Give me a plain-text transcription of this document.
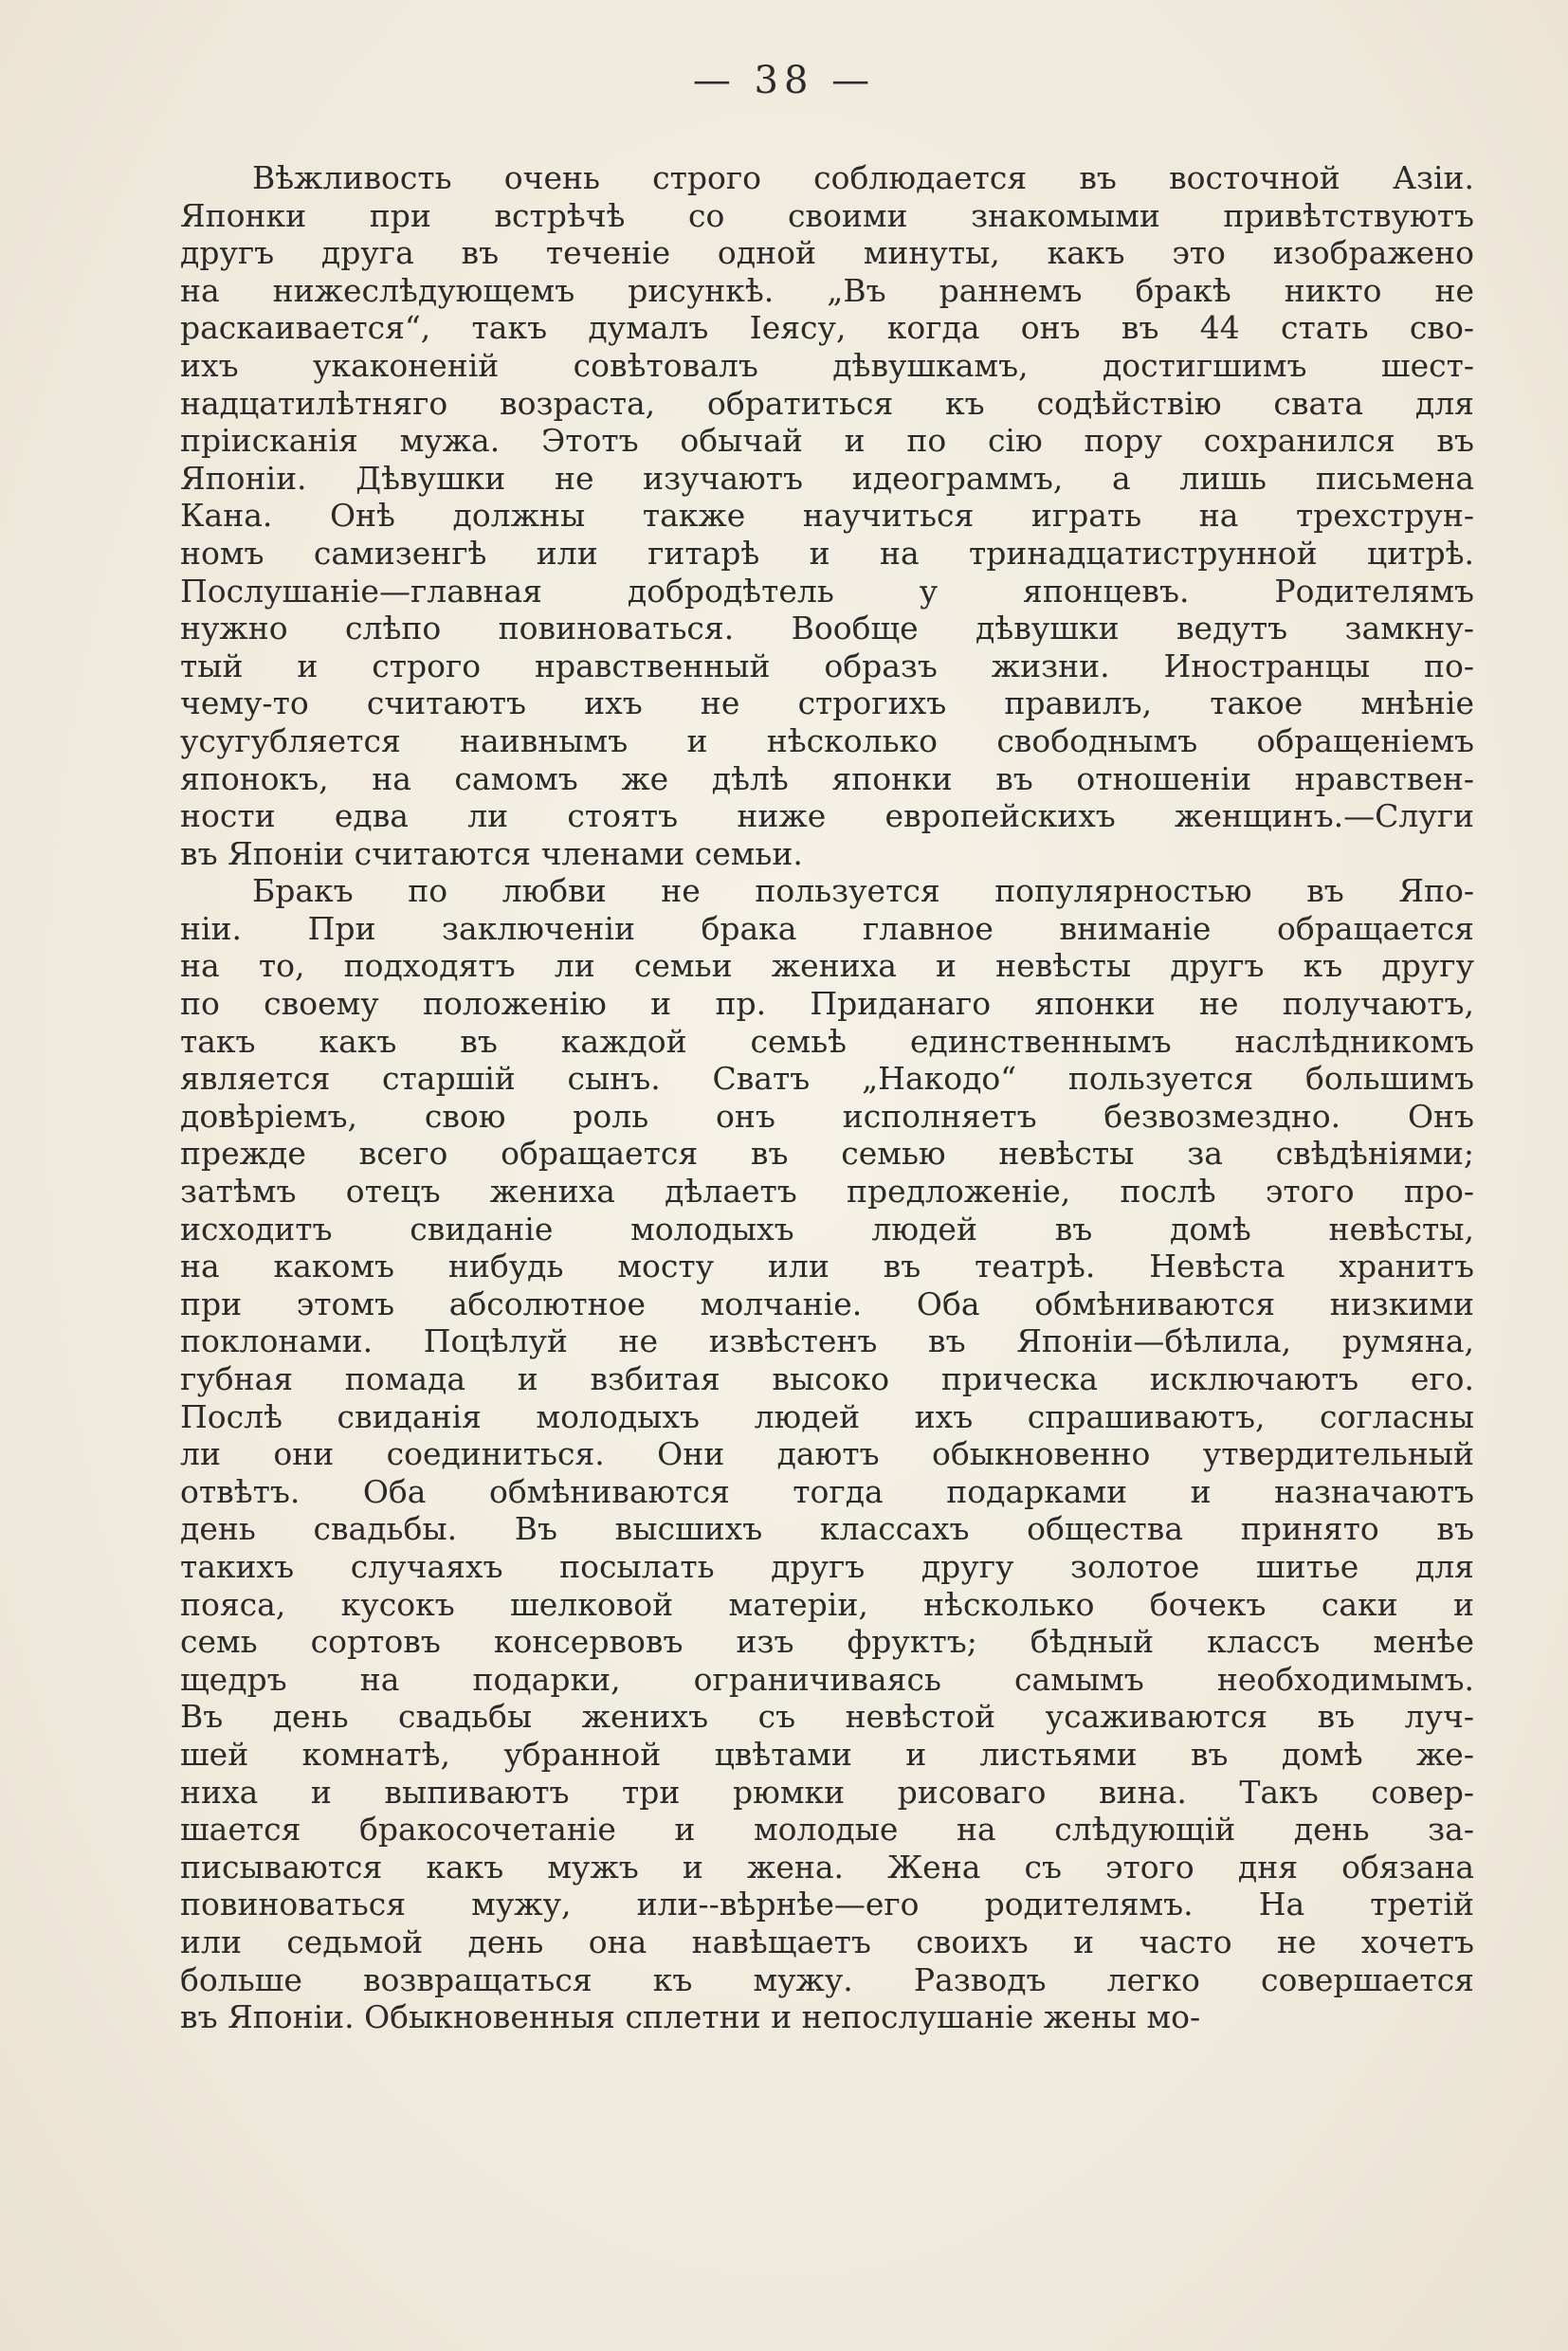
— 38 —
Вѣжливость очень строго соблюдается въ восточной Азіи.
Японки при встрѣчѣ со своими знакомыми привѣтствуютъ
другъ друга въ теченіе одной минуты, какъ это изображено
на нижеслѣдующемъ рисункѣ. „Въ раннемъ бракѣ никто не
раскаивается“, такъ думалъ Іеясу, когда онъ въ 44 стать сво-
ихъ укаконеній совѣтовалъ дѣвушкамъ, достигшимъ шест-
надцатилѣтняго возраста, обратиться къ содѣйствію свата для
пріисканія мужа. Этотъ обычай и по сію пору сохранился въ
Японіи. Дѣвушки не изучаютъ идеограммъ, а лишь письмена
Кана. Онѣ должны также научиться играть на трехструн-
номъ самизенгѣ или гитарѣ и на тринадцатиструнной цитрѣ.
Послушаніе—главная добродѣтель у японцевъ. Родителямъ
нужно слѣпо повиноваться. Вообще дѣвушки ведутъ замкну-
тый и строго нравственный образъ жизни. Иностранцы по-
чему-то считаютъ ихъ не строгихъ правилъ, такое мнѣніе
усугубляется наивнымъ и нѣсколько свободнымъ обращеніемъ
японокъ, на самомъ же дѣлѣ японки въ отношеніи нравствен-
ности едва ли стоятъ ниже европейскихъ женщинъ.—Слуги
въ Японіи считаются членами семьи.
Бракъ по любви не пользуется популярностью въ Япо-
ніи. При заключеніи брака главное вниманіе обращается
на то, подходятъ ли семьи жениха и невѣсты другъ къ другу
по своему положенію и пр. Приданаго японки не получаютъ,
такъ какъ въ каждой семьѣ единственнымъ наслѣдникомъ
является старшій сынъ. Сватъ „Накодо“ пользуется большимъ
довѣріемъ, свою роль онъ исполняетъ безвозмездно. Онъ
прежде всего обращается въ семью невѣсты за свѣдѣніями;
затѣмъ отецъ жениха дѣлаетъ предложеніе, послѣ этого про-
исходитъ свиданіе молодыхъ людей въ домѣ невѣсты,
на какомъ нибудь мосту или въ театрѣ. Невѣста хранитъ
при этомъ абсолютное молчаніе. Оба обмѣниваются низкими
поклонами. Поцѣлуй не извѣстенъ въ Японіи—бѣлила, румяна,
губная помада и взбитая высоко прическа исключаютъ его.
Послѣ свиданія молодыхъ людей ихъ спрашиваютъ, согласны
ли они соединиться. Они даютъ обыкновенно утвердительный
отвѣтъ. Оба обмѣниваются тогда подарками и назначаютъ
день свадьбы. Въ высшихъ классахъ общества принято въ
такихъ случаяхъ посылать другъ другу золотое шитье для
пояса, кусокъ шелковой матеріи, нѣсколько бочекъ саки и
семь сортовъ консервовъ изъ фруктъ; бѣдный классъ менѣе
щедръ на подарки, ограничиваясь самымъ необходимымъ.
Въ день свадьбы женихъ съ невѣстой усаживаются въ луч-
шей комнатѣ, убранной цвѣтами и листьями въ домѣ же-
ниха и выпиваютъ три рюмки рисоваго вина. Такъ совер-
шается бракосочетаніе и молодые на слѣдующій день за-
писываются какъ мужъ и жена. Жена съ этого дня обязана
повиноваться мужу, или--вѣрнѣе—его родителямъ. На третій
или седьмой день она навѣщаетъ своихъ и часто не хочетъ
больше возвращаться къ мужу. Разводъ легко совершается
въ Японіи. Обыкновенныя сплетни и непослушаніе жены мо-
